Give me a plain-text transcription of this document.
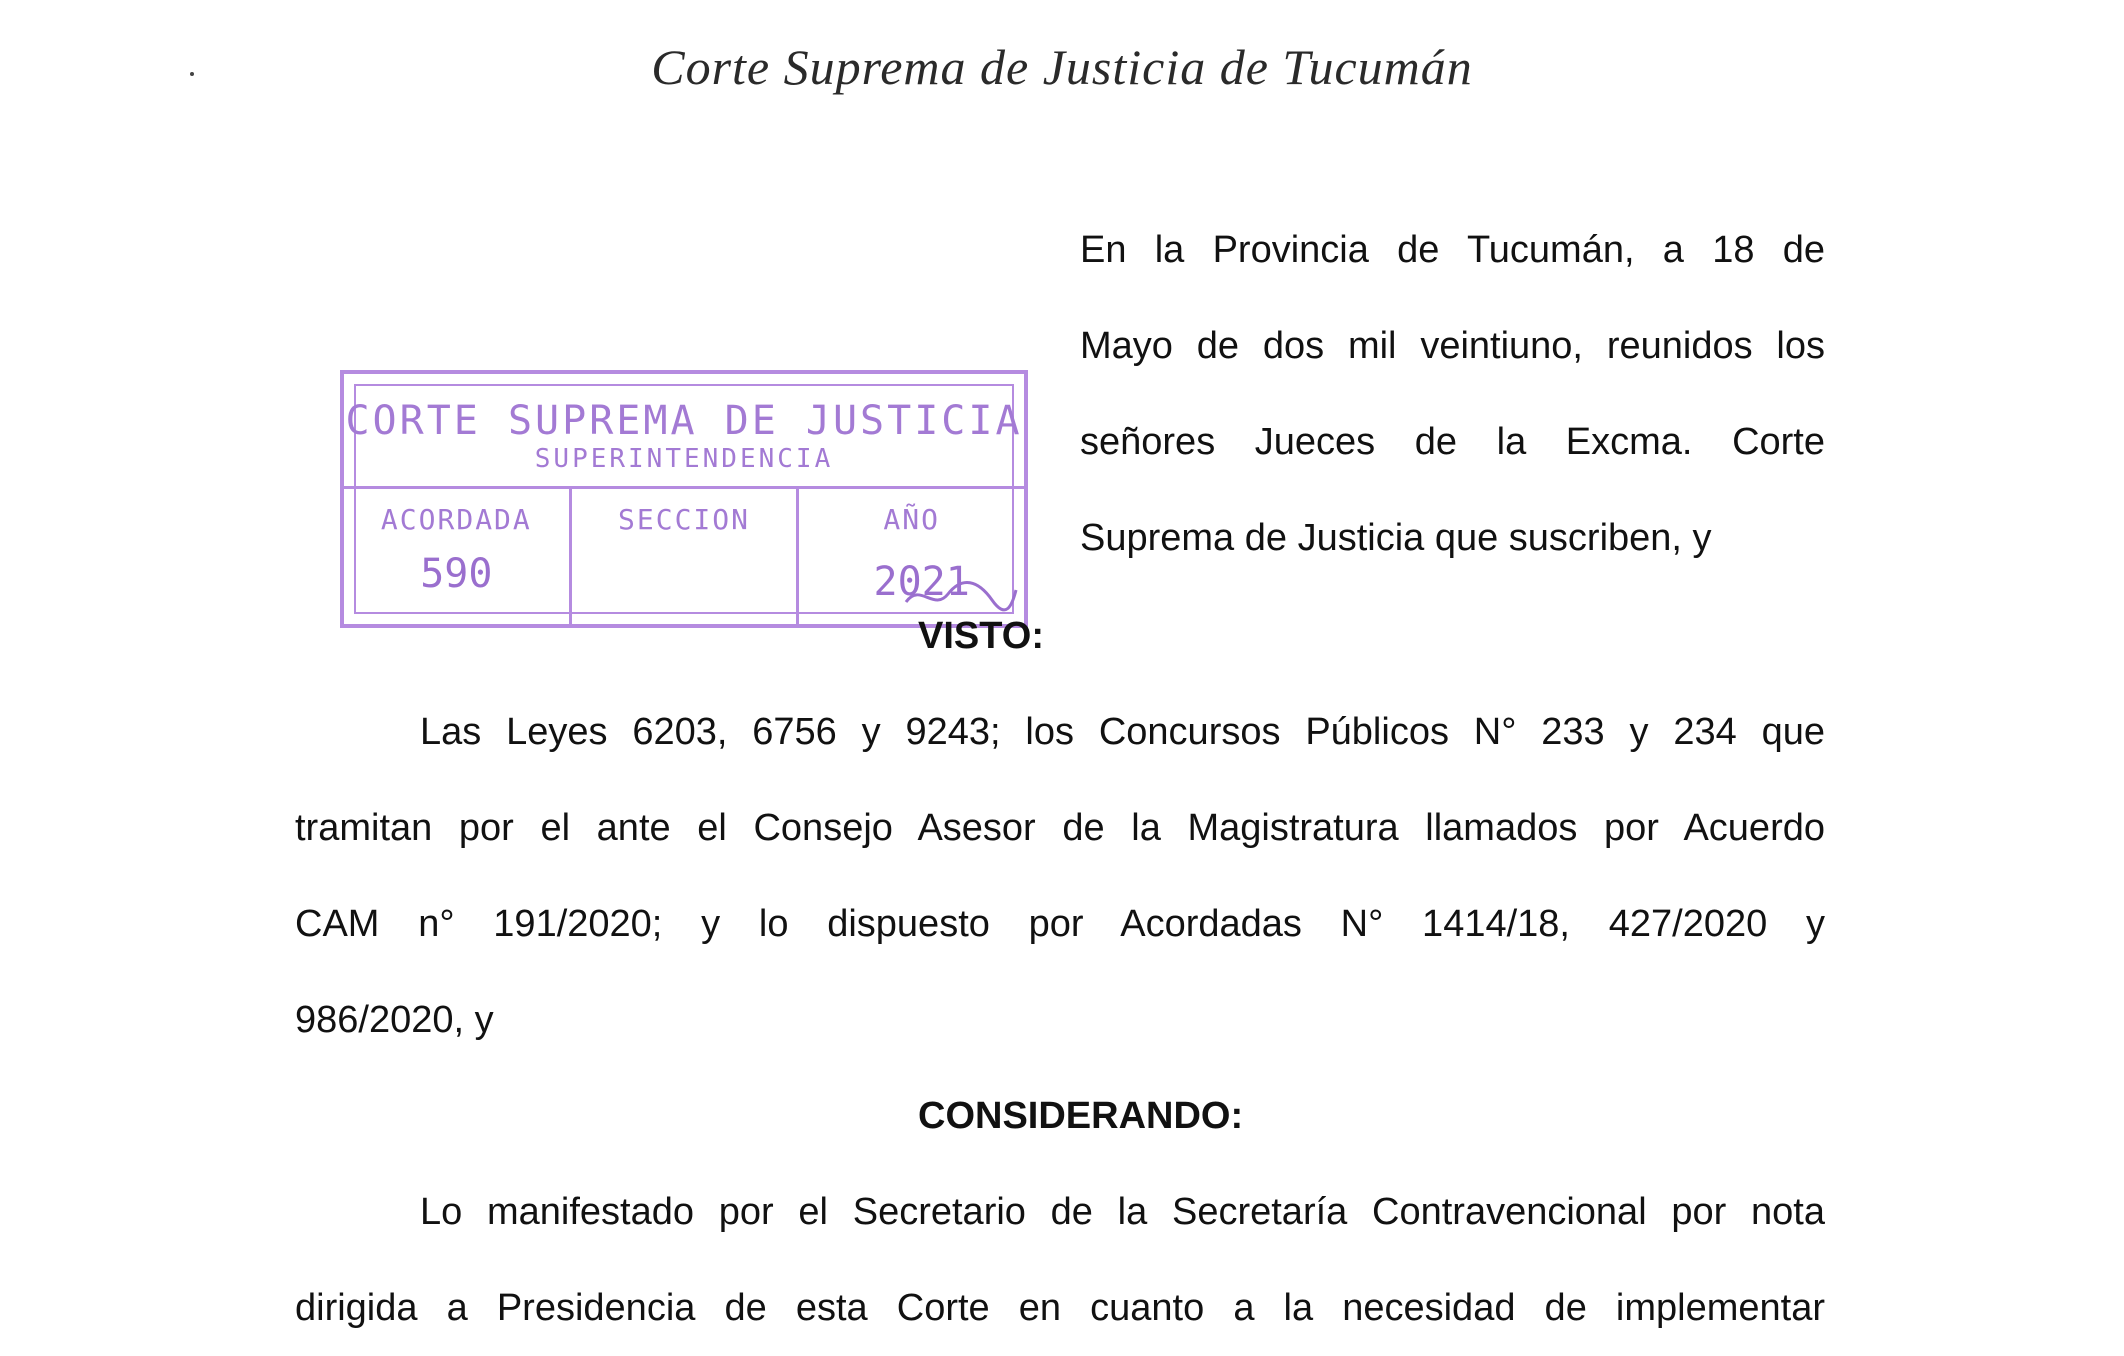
Corte Suprema de Justicia de Tucumán
CORTE SUPREMA DE JUSTICIA
SUPERINTENDENCIA
ACORDADA
590
SECCION	AÑO
2021
En la Provincia de Tucumán, a 18 de
Mayo de dos mil veintiuno, reunidos los
señores Jueces de la Excma. Corte
Suprema de Justicia que suscriben, y
VISTO:
Las Leyes 6203, 6756 y 9243; los Concursos Públicos N° 233 y 234 que
tramitan por el ante el Consejo Asesor de la Magistratura llamados por Acuerdo
CAM n° 191/2020; y lo dispuesto por Acordadas N° 1414/18, 427/2020 y
986/2020, y
CONSIDERANDO:
Lo manifestado por el Secretario de la Secretaría Contravencional por nota
dirigida a Presidencia de esta Corte en cuanto a la necesidad de implementar
